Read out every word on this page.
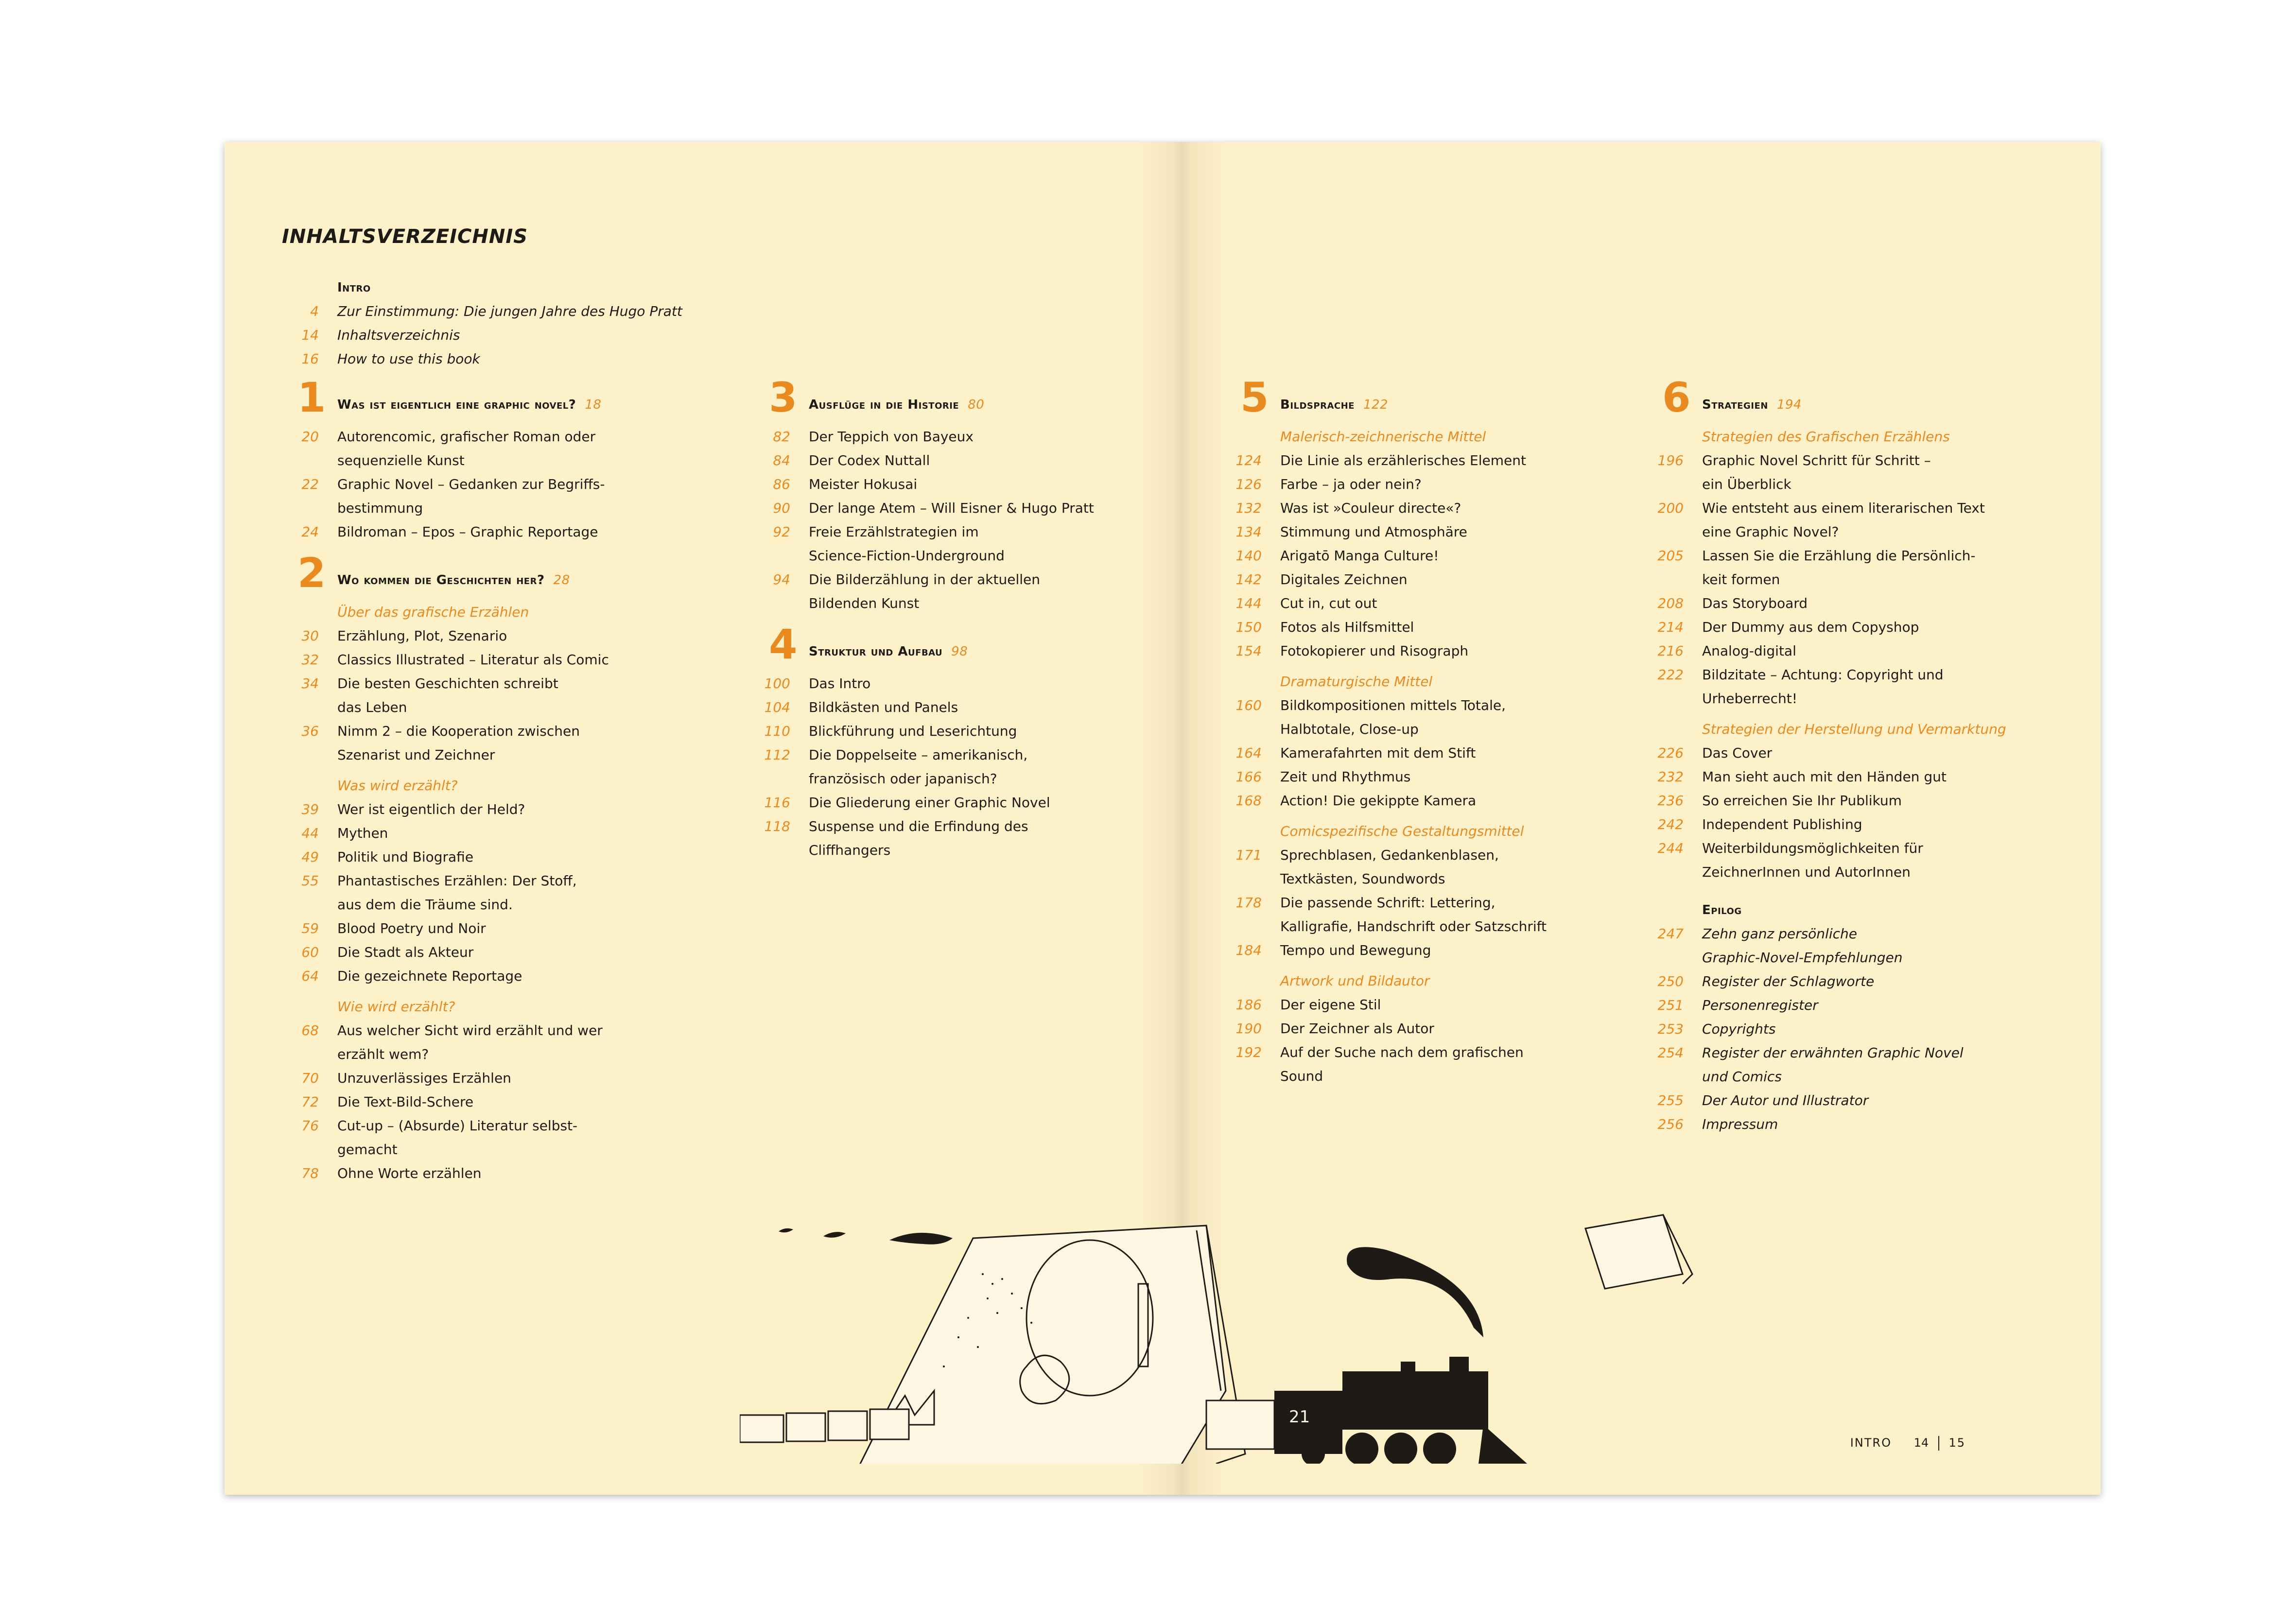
INHALTSVERZEICHNIS
Intro
4 Zur Einstimmung: Die jungen Jahre des Hugo Pratt
14 Inhaltsverzeichnis
16 How to use this book
1 Was ist eigentlich eine graphic novel? 18
20 Autorencomic, grafischer Roman oder
sequenzielle Kunst
22 Graphic Novel – Gedanken zur Begriffs-
bestimmung
24 Bildroman – Epos – Graphic Reportage
2 Wo kommen die Geschichten her? 28
Über das grafische Erzählen
30 Erzählung, Plot, Szenario
32 Classics Illustrated – Literatur als Comic
34 Die besten Geschichten schreibt
das Leben
36 Nimm 2 – die Kooperation zwischen
Szenarist und Zeichner
Was wird erzählt?
39 Wer ist eigentlich der Held?
44 Mythen
49 Politik und Biografie
55 Phantastisches Erzählen: Der Stoff,
aus dem die Träume sind.
59 Blood Poetry und Noir
60 Die Stadt als Akteur
64 Die gezeichnete Reportage
Wie wird erzählt?
68 Aus welcher Sicht wird erzählt und wer
erzählt wem?
70 Unzuverlässiges Erzählen
72 Die Text-Bild-Schere
76 Cut-up – (Absurde) Literatur selbst-
gemacht
78 Ohne Worte erzählen
3 Ausflüge in die Historie 80
82 Der Teppich von Bayeux
84 Der Codex Nuttall
86 Meister Hokusai
90 Der lange Atem – Will Eisner & Hugo Pratt
92 Freie Erzählstrategien im
Science-Fiction-Underground
94 Die Bilderzählung in der aktuellen
Bildenden Kunst
4 Struktur und Aufbau 98
100 Das Intro
104 Bildkästen und Panels
110 Blickführung und Leserichtung
112 Die Doppelseite – amerikanisch,
französisch oder japanisch?
116 Die Gliederung einer Graphic Novel
118 Suspense und die Erfindung des
Cliffhangers
5 Bildsprache 122
Malerisch-zeichnerische Mittel
124 Die Linie als erzählerisches Element
126 Farbe – ja oder nein?
132 Was ist »Couleur directe«?
134 Stimmung und Atmosphäre
140 Arigatō Manga Culture!
142 Digitales Zeichnen
144 Cut in, cut out
150 Fotos als Hilfsmittel
154 Fotokopierer und Risograph
Dramaturgische Mittel
160 Bildkompositionen mittels Totale,
Halbtotale, Close-up
164 Kamerafahrten mit dem Stift
166 Zeit und Rhythmus
168 Action! Die gekippte Kamera
Comicspezifische Gestaltungsmittel
171 Sprechblasen, Gedankenblasen,
Textkästen, Soundwords
178 Die passende Schrift: Lettering,
Kalligrafie, Handschrift oder Satzschrift
184 Tempo und Bewegung
Artwork und Bildautor
186 Der eigene Stil
190 Der Zeichner als Autor
192 Auf der Suche nach dem grafischen
Sound
6 Strategien 194
Strategien des Grafischen Erzählens
196 Graphic Novel Schritt für Schritt –
ein Überblick
200 Wie entsteht aus einem literarischen Text
eine Graphic Novel?
205 Lassen Sie die Erzählung die Persönlich-
keit formen
208 Das Storyboard
214 Der Dummy aus dem Copyshop
216 Analog-digital
222 Bildzitate – Achtung: Copyright und
Urheberrecht!
Strategien der Herstellung und Vermarktung
226 Das Cover
232 Man sieht auch mit den Händen gut
236 So erreichen Sie Ihr Publikum
242 Independent Publishing
244 Weiterbildungsmöglichkeiten für
ZeichnerInnen und AutorInnen
Epilog
247 Zehn ganz persönliche
Graphic-Novel-Empfehlungen
250 Register der Schlagworte
251 Personenregister
253 Copyrights
254 Register der erwähnten Graphic Novel
und Comics
255 Der Autor und Illustrator
256 Impressum
21
INTRO 14 15
